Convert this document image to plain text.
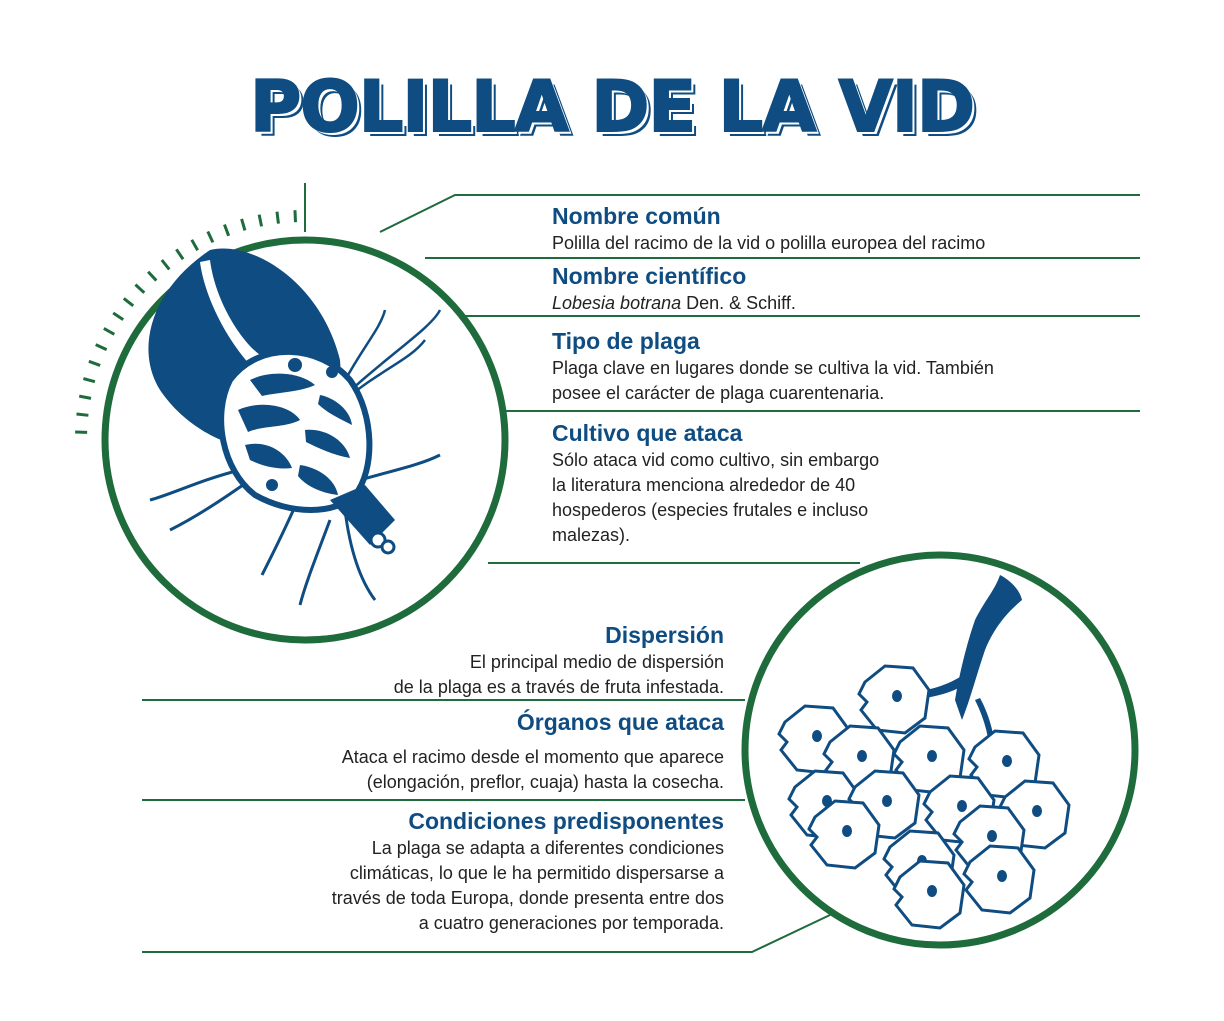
POLILLA DE LA VID
Nombre común

Polilla del racimo de la vid o polilla europea del racimo

Nombre científico

Lobesia botrana Den. & Schiff.

Tipo de plaga

Plaga clave en lugares donde se cultiva la vid. También
posee el carácter de plaga cuarentenaria.

Cultivo que ataca

Sólo ataca vid como cultivo, sin embargo
la literatura menciona alrededor de 40
hospederos (especies frutales e incluso
malezas).

Dispersión

El principal medio de dispersión
de la plaga es a través de fruta infestada.

Órganos que ataca

Ataca el racimo desde el momento que aparece
(elongación, preflor, cuaja) hasta la cosecha.

Condiciones predisponentes

La plaga se adapta a diferentes condiciones
climáticas, lo que le ha permitido dispersarse a
través de toda Europa, donde presenta entre dos
a cuatro generaciones por temporada.
